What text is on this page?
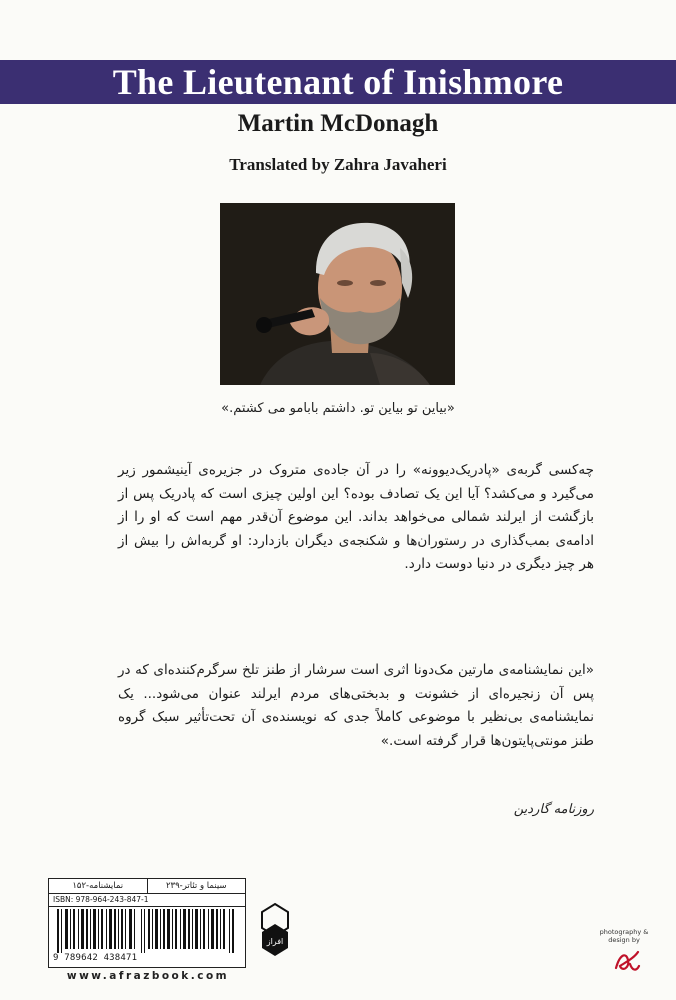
The Lieutenant of Inishmore
Martin McDonagh
Translated by Zahra Javaheri
«بیاین تو بیاین تو. داشتم بابامو می کشتم.»

چه‌کسی گربه‌ی «پادریک‌دیوونه» را در آن جاده‌ی متروک در جزیره‌ی آینیشمور زیر می‌گیرد و می‌کشد؟ آیا این یک تصادف بوده؟ این اولین چیزی است که پادریک پس از بازگشت از ایرلند شمالی می‌خواهد بداند. این موضوع آن‌قدر مهم است که او را از ادامه‌ی بمب‌گذاری در رستوران‌ها و شکنجه‌ی دیگران بازدارد: او گربه‌اش را بیش از هر چیز دیگری در دنیا دوست دارد.

«این نمایشنامه‌ی مارتین مک‌دونا اثری است سرشار از طنز تلخ سرگرم‌کننده‌ای که در پس آن زنجیره‌ای از خشونت و بدبختی‌های مردم ایرلند عنوان می‌شود... یک نمایشنامه‌ی بی‌نظیر با موضوعی کاملاً جدی که نویسنده‌ی آن تحت‌تأثیر سبک گروه طنز مونتی‌پایتون‌ها قرار گرفته است.»

روزنامه گاردین
سینما و تئاتر-۲۳۹
نمایشنامه-۱۵۲
ISBN: 978-964-243-847-1
9 789642 438471
افراز
www.afrazbook.com
photography & design by
